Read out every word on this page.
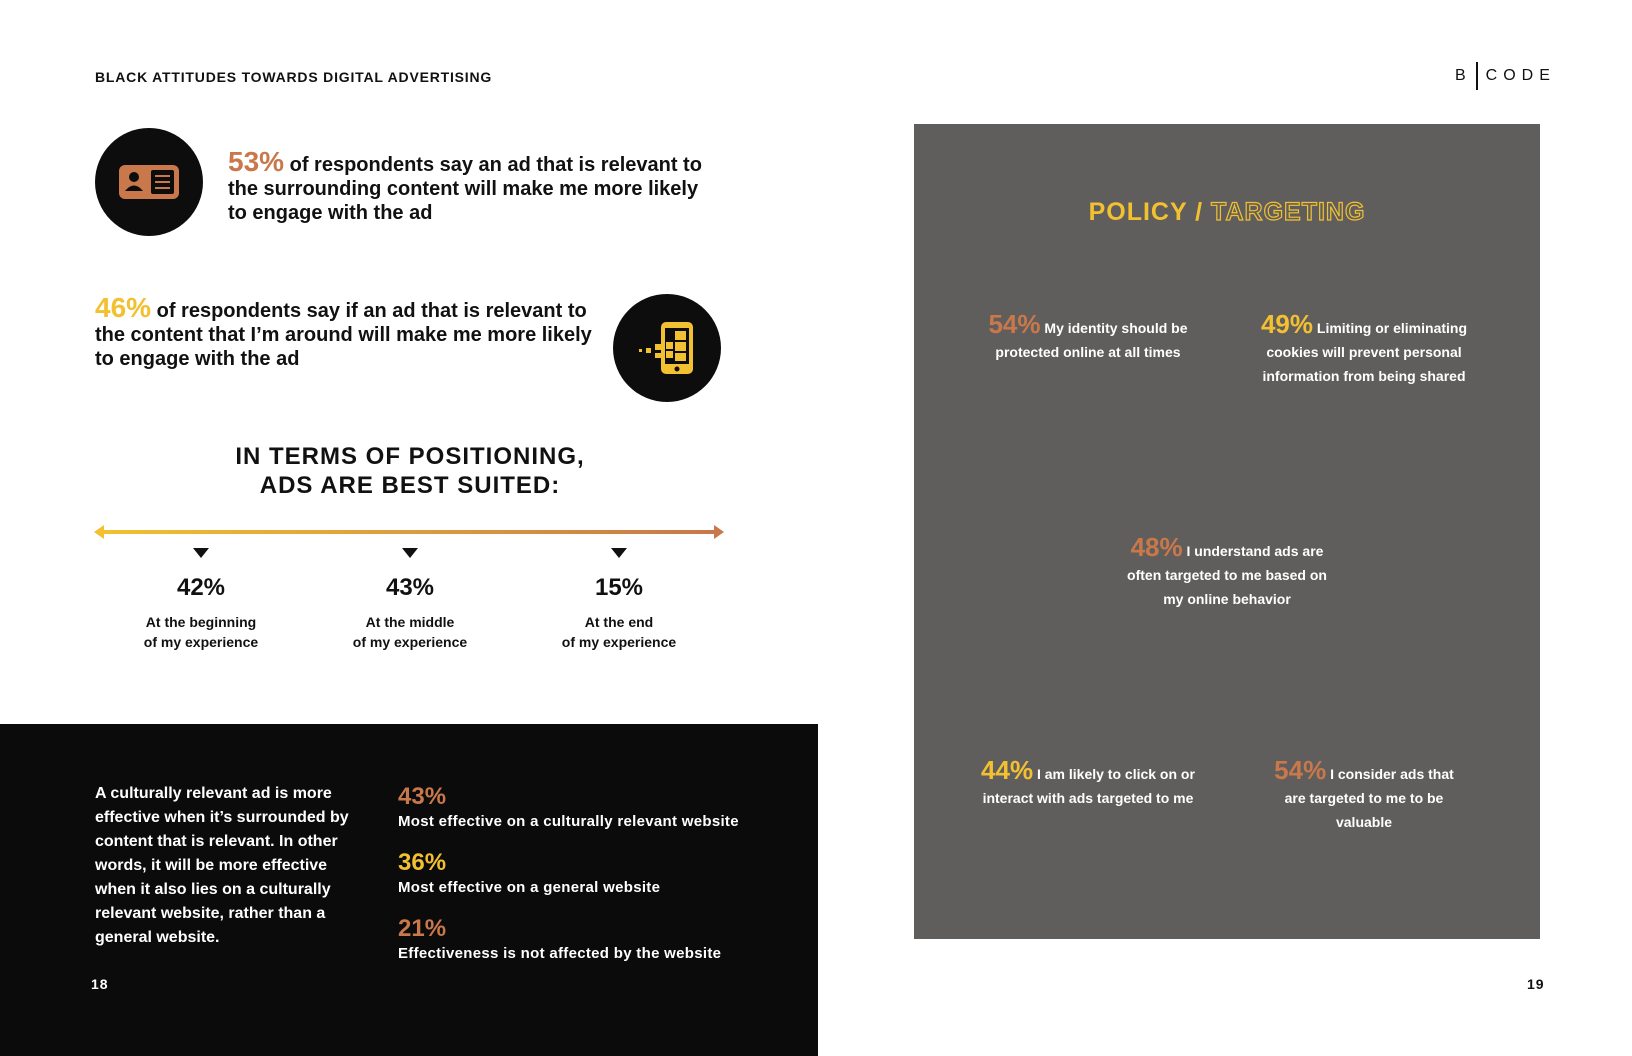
BLACK ATTITUDES TOWARDS DIGITAL ADVERTISING	B CODE
53% of respondents say an ad that is relevant to the surrounding content will make me more likely to engage with the ad
46% of respondents say if an ad that is relevant to the content that I’m around will make me more likely to engage with the ad
IN TERMS OF POSITIONING,
ADS ARE BEST SUITED:
42%
At the beginning
of my experience
43%
At the middle
of my experience
15%
At the end
of my experience
A culturally relevant ad is more effective when it’s surrounded by content that is relevant. In other words, it will be more effective when it also lies on a culturally relevant website, rather than a general website.
43%
Most effective on a culturally relevant website
36%
Most effective on a general website
21%
Effectiveness is not affected by the website
18
POLICY / TARGETING
54% My identity should be protected online at all times
49% Limiting or eliminating cookies will prevent personal information from being shared
48% I understand ads are often targeted to me based on my online behavior
44% I am likely to click on or interact with ads targeted to me
54% I consider ads that are targeted to me to be valuable
19
